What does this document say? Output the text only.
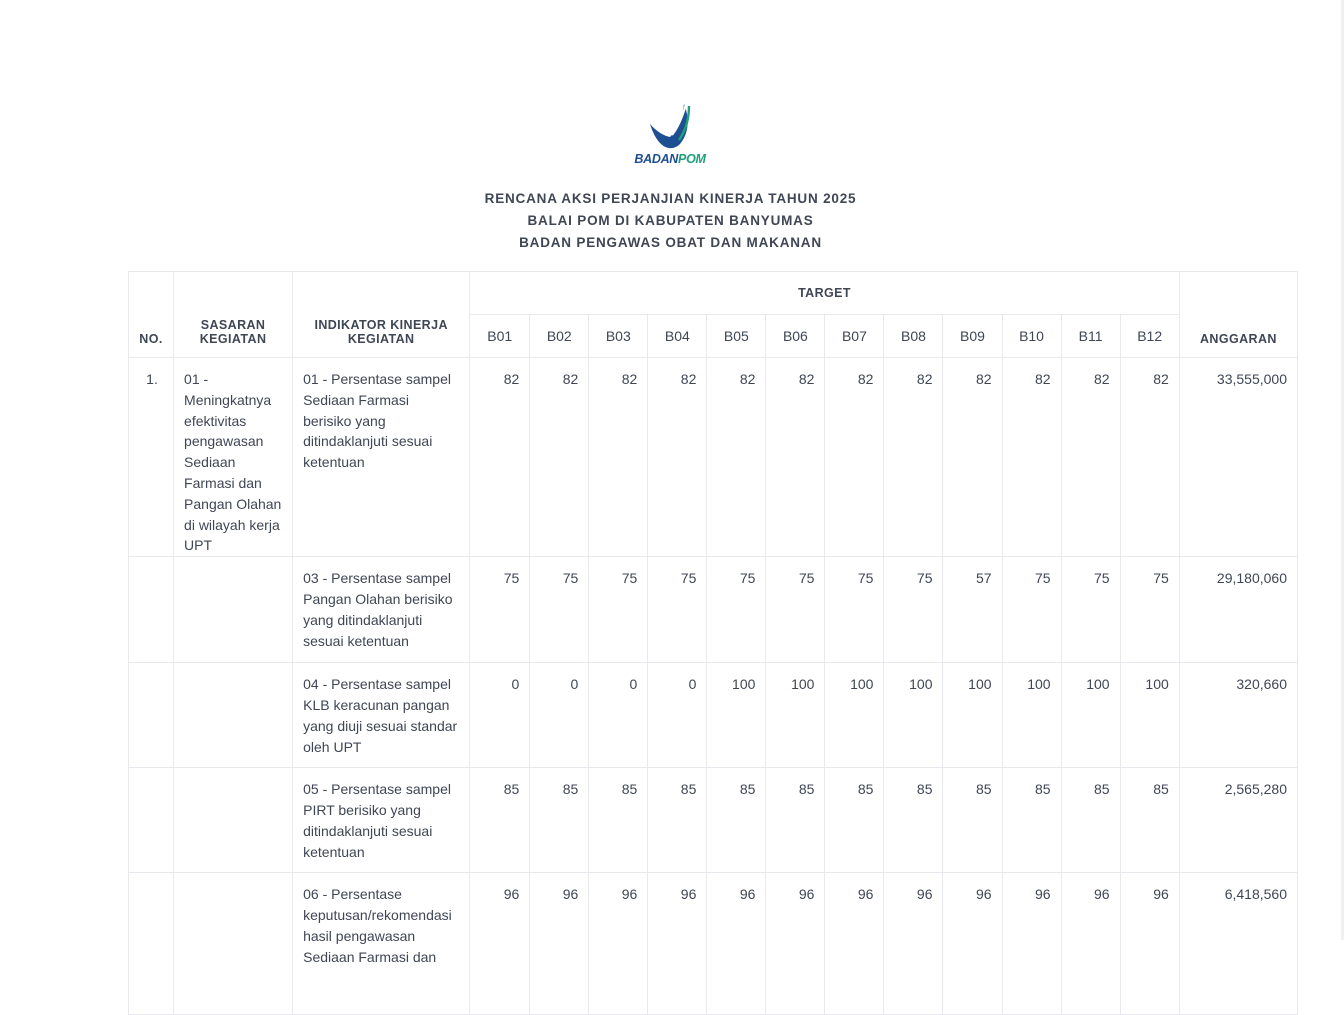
BADANPOM
RENCANA AKSI PERJANJIAN KINERJA TAHUN 2025
BALAI POM DI KABUPATEN BANYUMAS
BADAN PENGAWAS OBAT DAN MAKANAN
NO.	SASARAN KEGIATAN	INDIKATOR KINERJA KEGIATAN	TARGET												ANGGARAN
			B01	B02	B03	B04	B05	B06	B07	B08	B09	B10	B11	B12	
1.	01 - Meningkatnya efektivitas pengawasan Sediaan Farmasi dan Pangan Olahan di wilayah kerja UPT	01 - Persentase sampel Sediaan Farmasi berisiko yang ditindaklanjuti sesuai ketentuan	82	82	82	82	82	82	82	82	82	82	82	82	33,555,000
		03 - Persentase sampel Pangan Olahan berisiko yang ditindaklanjuti sesuai ketentuan	75	75	75	75	75	75	75	75	57	75	75	75	29,180,060
		04 - Persentase sampel KLB keracunan pangan yang diuji sesuai standar oleh UPT	0	0	0	0	100	100	100	100	100	100	100	100	320,660
		05 - Persentase sampel PIRT berisiko yang ditindaklanjuti sesuai ketentuan	85	85	85	85	85	85	85	85	85	85	85	85	2,565,280
		06 - Persentase keputusan/rekomendasi hasil pengawasan Sediaan Farmasi dan	96	96	96	96	96	96	96	96	96	96	96	96	6,418,560
